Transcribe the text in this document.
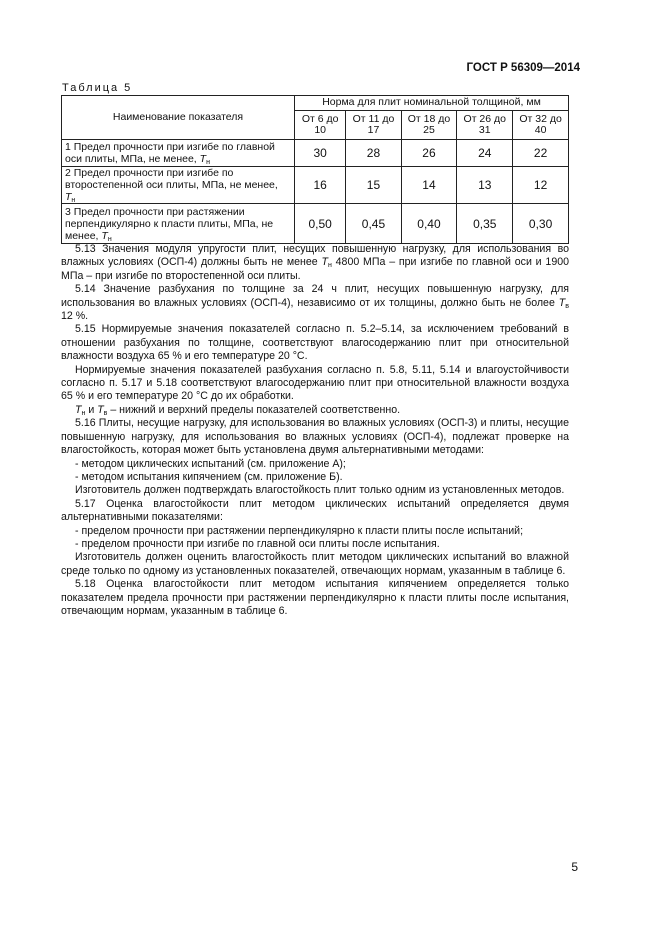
ГОСТ Р 56309—2014
Таблица 5
Наименование показателя	Норма для плит номинальной толщиной, мм				
	От 6 до 10	От 11 до 17	От 18 до 25	От 26 до 31	От 32 до 40
1 Предел прочности при изгибе по главной оси плиты, МПа, не менее, $T_н$	30	28	26	24	22
2 Предел прочности при изгибе по второстепенной оси плиты, МПа, не менее, $T_н$	16	15	14	13	12
3 Предел прочности при растяжении перпендикулярно к пласти плиты, МПа, не менее, $T_н$	0,50	0,45	0,40	0,35	0,30

5.13 Значения модуля упругости плит, несущих повышенную нагрузку, для использования во влажных условиях (ОСП-4) должны быть не менее $T_н$ 4800 МПа – при изгибе по главной оси и 1900 МПа – при изгибе по второстепенной оси плиты.

5.14 Значение разбухания по толщине за 24 ч плит, несущих повышенную нагрузку, для использования во влажных условиях (ОСП-4), независимо от их толщины, должно быть не более $T_в$ 12 %.

5.15 Нормируемые значения показателей согласно п. 5.2–5.14, за исключением требований в отношении разбухания по толщине, соответствуют влагосодержанию плит при относительной влажности воздуха 65 % и его температуре 20 °С.

Нормируемые значения показателей разбухания согласно п. 5.8, 5.11, 5.14 и влагоустойчивости согласно п. 5.17 и 5.18 соответствуют влагосодержанию плит при относительной влажности воздуха 65 % и его температуре 20 °С до их обработки.

$T_н$ и $T_в$ – нижний и верхний пределы показателей соответственно.

5.16 Плиты, несущие нагрузку, для использования во влажных условиях (ОСП-3) и плиты, несущие повышенную нагрузку, для использования во влажных условиях (ОСП-4), подлежат проверке на влагостойкость, которая может быть установлена двумя альтернативными методами:

- методом циклических испытаний (см. приложение А);

- методом испытания кипячением (см. приложение Б).

Изготовитель должен подтверждать влагостойкость плит только одним из установленных методов.

5.17 Оценка влагостойкости плит методом циклических испытаний определяется двумя альтернативными показателями:

- пределом прочности при растяжении перпендикулярно к пласти плиты после испытаний;

- пределом прочности при изгибе по главной оси плиты после испытания.

Изготовитель должен оценить влагостойкость плит методом циклических испытаний во влажной среде только по одному из установленных показателей, отвечающих нормам, указанным в таблице 6.

5.18 Оценка влагостойкости плит методом испытания кипячением определяется только показателем предела прочности при растяжении перпендикулярно к пласти плиты после испытания, отвечающим нормам, указанным в таблице 6.

5
